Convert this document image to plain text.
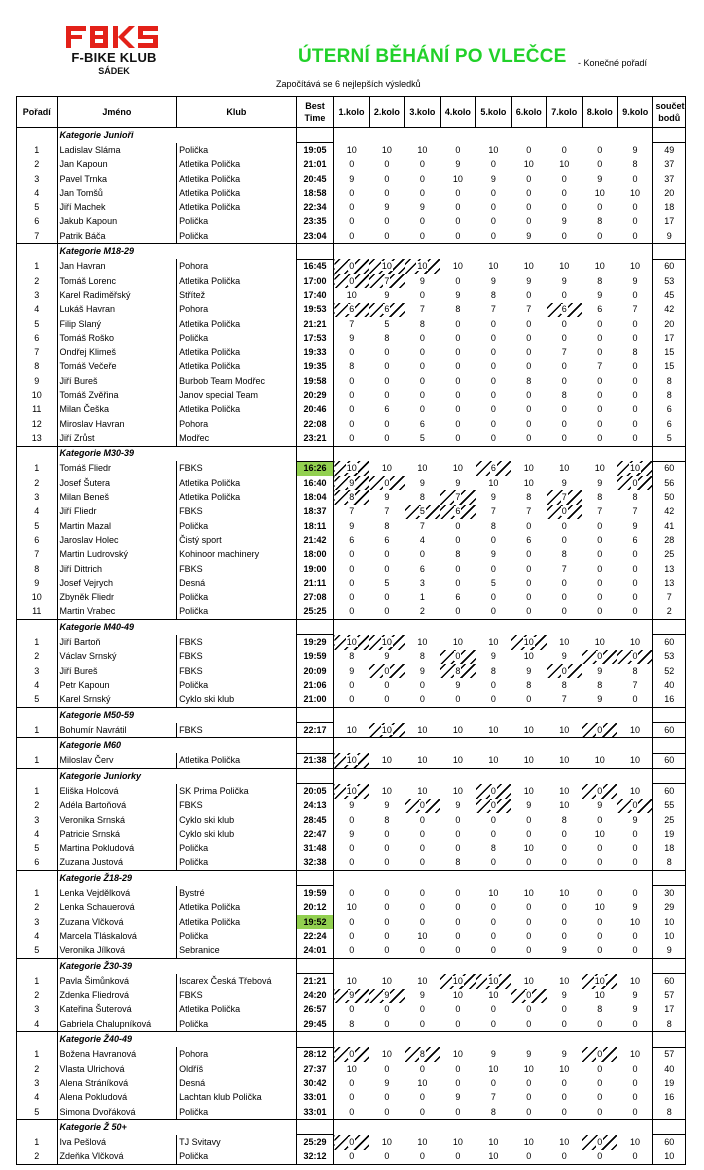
F-BIKE KLUB
SÁDEK
ÚTERNÍ BĚHÁNÍ PO VLEČCE - Konečné pořadí
Započítává se 6 nejlepších výsledků
Pořadí	Jméno	Klub	Best
Time	1.kolo	2.kolo	3.kolo	4.kolo	5.kolo	6.kolo	7.kolo	8.kolo	9.kolo	součet
bodů
	Kategorie Junioři												
1	Ladislav Sláma	Polička	19:05	10	10	10	0	10	0	0	0	9	49
2	Jan Kapoun	Atletika Polička	21:01	0	0	0	9	0	10	10	0	8	37
3	Pavel Trnka	Atletika Polička	20:45	9	0	0	10	9	0	0	9	0	37
4	Jan Tomšů	Atletika Polička	18:58	0	0	0	0	0	0	0	10	10	20
5	Jiří Machek	Atletika Polička	22:34	0	9	9	0	0	0	0	0	0	18
6	Jakub Kapoun	Polička	23:35	0	0	0	0	0	0	9	8	0	17
7	Patrik Báča	Polička	23:04	0	0	0	0	0	9	0	0	0	9
	Kategorie M18-29												
1	Jan Havran	Pohora	16:45	0	10	10	10	10	10	10	10	10	60
2	Tomáš Lorenc	Atletika Polička	17:00	0	7	9	0	9	9	9	8	9	53
3	Karel Radiměřský	Střítež	17:40	10	9	0	9	8	0	0	9	0	45
4	Lukáš Havran	Pohora	19:53	6	6	7	8	7	7	6	6	7	42
5	Filip Slaný	Atletika Polička	21:21	7	5	8	0	0	0	0	0	0	20
6	Tomáš Roško	Polička	17:53	9	8	0	0	0	0	0	0	0	17
7	Ondřej Klimeš	Atletika Polička	19:33	0	0	0	0	0	0	7	0	8	15
8	Tomáš Večeře	Atletika Polička	19:35	8	0	0	0	0	0	0	7	0	15
9	Jiří Bureš	Burbob Team Modřec	19:58	0	0	0	0	0	8	0	0	0	8
10	Tomáš Zvěřina	Janov special Team	20:29	0	0	0	0	0	0	8	0	0	8
11	Milan Češka	Atletika Polička	20:46	0	6	0	0	0	0	0	0	0	6
12	Miroslav Havran	Pohora	22:08	0	0	6	0	0	0	0	0	0	6
13	Jiří Zrůst	Modřec	23:21	0	0	5	0	0	0	0	0	0	5
	Kategorie M30-39												
1	Tomáš Fliedr	FBKS	16:26	10	10	10	10	6	10	10	10	10	60
2	Josef Šutera	Atletika Polička	16:40	9	0	9	9	10	10	9	9	0	56
3	Milan Beneš	Atletika Polička	18:04	8	9	8	7	9	8	7	8	8	50
4	Jiří Fliedr	FBKS	18:37	7	7	5	6	7	7	0	7	7	42
5	Martin Mazal	Polička	18:11	9	8	7	0	8	0	0	0	9	41
6	Jaroslav Holec	Čistý sport	21:42	6	6	4	0	0	6	0	0	6	28
7	Martin Ludrovský	Kohinoor machinery	18:00	0	0	0	8	9	0	8	0	0	25
8	Jiří Dittrich	FBKS	19:00	0	0	6	0	0	0	7	0	0	13
9	Josef Vejrych	Desná	21:11	0	5	3	0	5	0	0	0	0	13
10	Zbyněk Fliedr	Polička	27:08	0	0	1	6	0	0	0	0	0	7
11	Martin Vrabec	Polička	25:25	0	0	2	0	0	0	0	0	0	2
	Kategorie M40-49												
1	Jiří Bartoň	FBKS	19:29	10	10	10	10	10	10	10	10	10	60
2	Václav Srnský	FBKS	19:59	8	9	8	0	9	10	9	0	0	53
3	Jiří Bureš	FBKS	20:09	9	0	9	8	8	9	0	9	8	52
4	Petr Kapoun	Polička	21:06	0	0	0	9	0	8	8	8	7	40
5	Karel Srnský	Cyklo ski klub	21:00	0	0	0	0	0	0	7	9	0	16
	Kategorie M50-59												
1	Bohumír Navrátil	FBKS	22:17	10	10	10	10	10	10	10	0	10	60
	Kategorie M60												
1	Miloslav Červ	Atletika Polička	21:38	10	10	10	10	10	10	10	10	10	60
	Kategorie Juniorky												
1	Eliška Holcová	SK Prima Polička	20:05	10	10	10	10	0	10	10	0	10	60
2	Adéla Bartoňová	FBKS	24:13	9	9	0	9	0	9	10	9	0	55
3	Veronika Srnská	Cyklo ski klub	28:45	0	8	0	0	0	0	8	0	9	25
4	Patricie Srnská	Cyklo ski klub	22:47	9	0	0	0	0	0	0	10	0	19
5	Martina Pokludová	Polička	31:48	0	0	0	0	8	10	0	0	0	18
6	Zuzana Justová	Polička	32:38	0	0	0	8	0	0	0	0	0	8
	Kategorie Ž18-29												
1	Lenka Vejdělková	Bystré	19:59	0	0	0	0	10	10	10	0	0	30
2	Lenka Schauerová	Atletika Polička	20:12	10	0	0	0	0	0	0	10	9	29
3	Zuzana Vlčková	Atletika Polička	19:52	0	0	0	0	0	0	0	0	10	10
4	Marcela Tláskalová	Polička	22:24	0	0	10	0	0	0	0	0	0	10
5	Veronika Jílková	Sebranice	24:01	0	0	0	0	0	0	9	0	0	9
	Kategorie Ž30-39												
1	Pavla Šimůnková	Iscarex Česká Třebová	21:21	10	10	10	10	10	10	10	10	10	60
2	Zdenka Fliedrová	FBKS	24:20	9	9	9	10	10	0	9	10	9	57
3	Kateřina Šuterová	Atletika Polička	26:57	0	0	0	0	0	0	0	8	9	17
4	Gabriela Chalupníková	Polička	29:45	8	0	0	0	0	0	0	0	0	8
	Kategorie Ž40-49												
1	Božena Havranová	Pohora	28:12	0	10	8	10	9	9	9	0	10	57
2	Vlasta Ulrichová	Oldříš	27:37	10	0	0	0	10	10	10	0	0	40
3	Alena Stráníková	Desná	30:42	0	9	10	0	0	0	0	0	0	19
4	Alena Pokludová	Lachtan klub Polička	33:01	0	0	0	9	7	0	0	0	0	16
5	Simona Dvořáková	Polička	33:01	0	0	0	0	8	0	0	0	0	8
	Kategorie Ž 50+												
1	Iva Pešlová	TJ Svitavy	25:29	0	10	10	10	10	10	10	0	10	60
2	Zdeňka Vlčková	Polička	32:12	0	0	0	0	10	0	0	0	0	10
